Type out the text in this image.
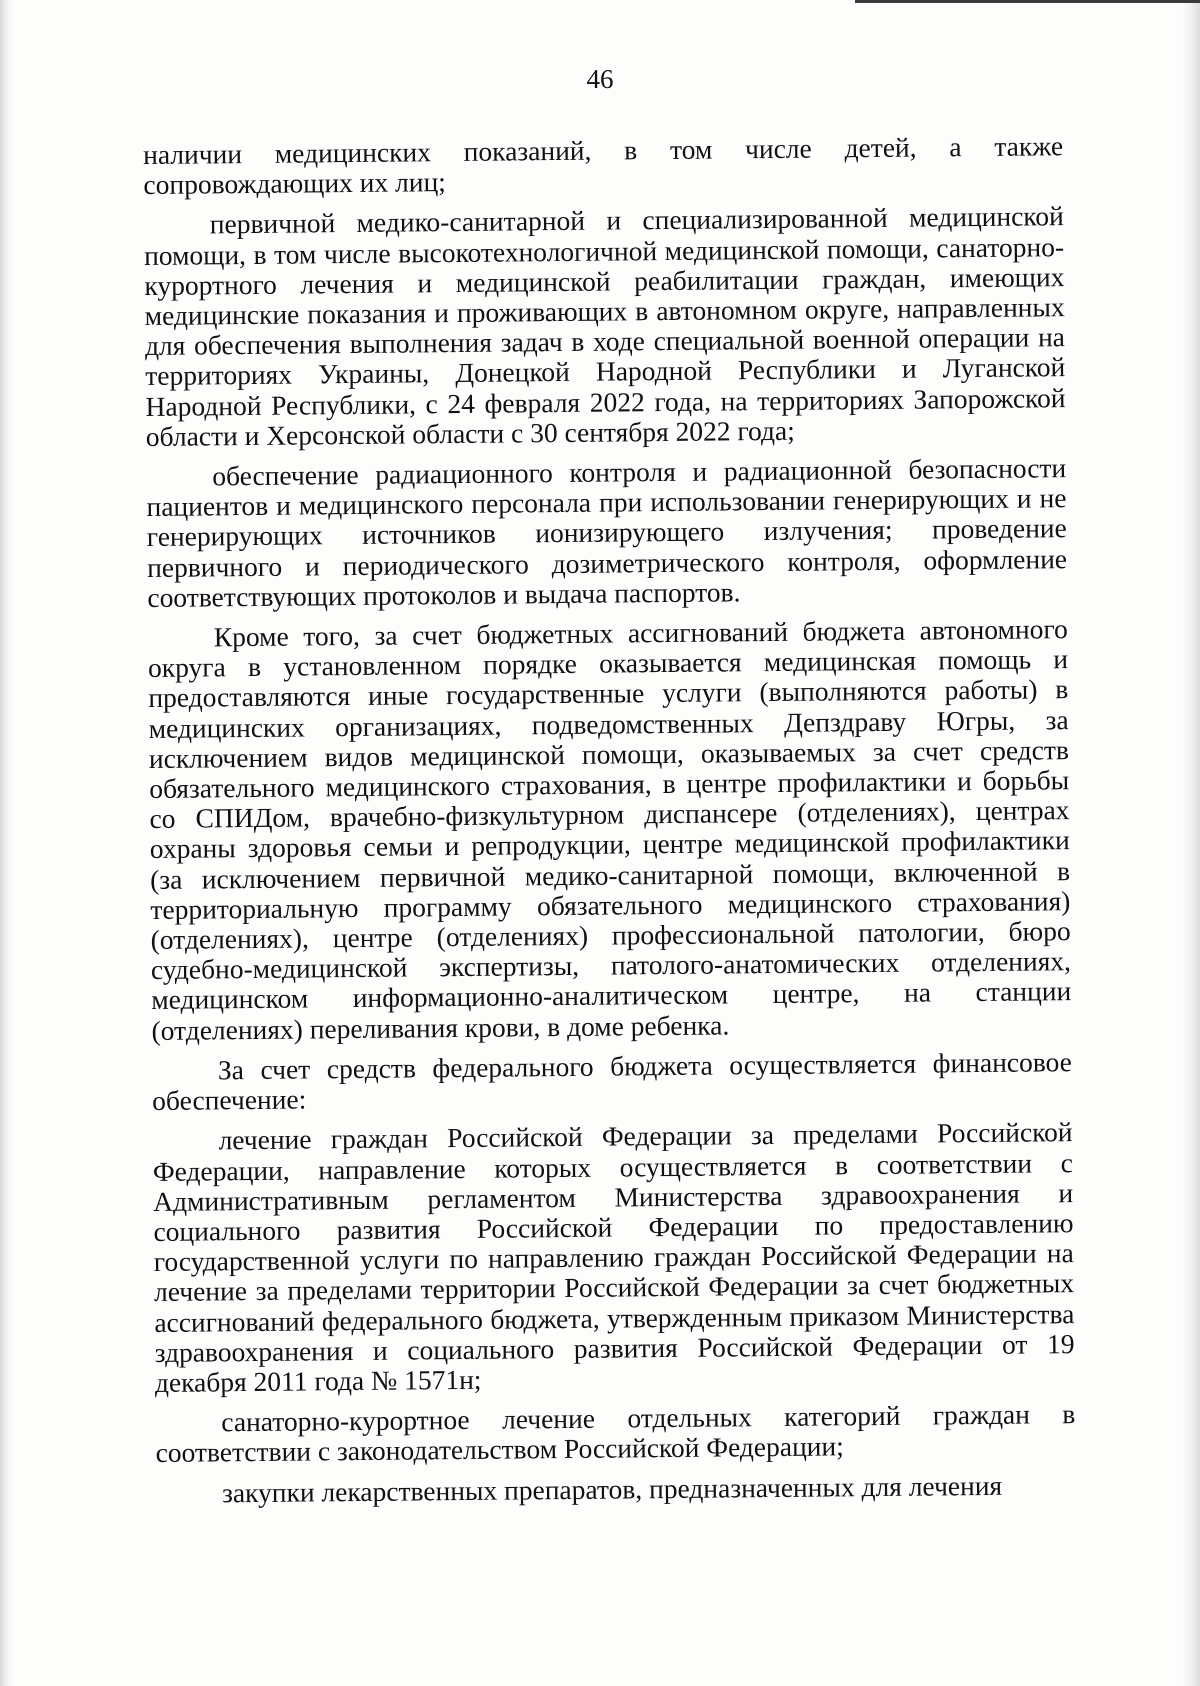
46

наличии медицинских показаний, в том числе детей, а также сопровождающих их лиц;

первичной медико-санитарной и специализированной медицинской помощи, в том числе высокотехнологичной медицинской помощи, санаторно-курортного лечения и медицинской реабилитации граждан, имеющих медицинские показания и проживающих в автономном округе, направленных для обеспечения выполнения задач в ходе специальной военной операции на территориях Украины, Донецкой Народной Республики и Луганской Народной Республики, с 24 февраля 2022 года, на территориях Запорожской области и Херсонской области с 30 сентября 2022 года;

обеспечение радиационного контроля и радиационной безопасности пациентов и медицинского персонала при использовании генерирующих и не генерирующих источников ионизирующего излучения; проведение первичного и периодического дозиметрического контроля, оформление соответствующих протоколов и выдача паспортов.

Кроме того, за счет бюджетных ассигнований бюджета автономного округа в установленном порядке оказывается медицинская помощь и предоставляются иные государственные услуги (выполняются работы) в медицинских организациях, подведомственных Депздраву Югры, за исключением видов медицинской помощи, оказываемых за счет средств обязательного медицинского страхования, в центре профилактики и борьбы со СПИДом, врачебно-физкультурном диспансере (отделениях), центрах охраны здоровья семьи и репродукции, центре медицинской профилактики (за исключением первичной медико-санитарной помощи, включенной в территориальную программу обязательного медицинского страхования) (отделениях), центре (отделениях) профессиональной патологии, бюро судебно-медицинской экспертизы, патолого-анатомических отделениях, медицинском информационно-аналитическом центре, на станции (отделениях) переливания крови, в доме ребенка.

За счет средств федерального бюджета осуществляется финансовое обеспечение:

лечение граждан Российской Федерации за пределами Российской Федерации, направление которых осуществляется в соответствии с Административным регламентом Министерства здравоохранения и социального развития Российской Федерации по предоставлению государственной услуги по направлению граждан Российской Федерации на лечение за пределами территории Российской Федерации за счет бюджетных ассигнований федерального бюджета, утвержденным приказом Министерства здравоохранения и социального развития Российской Федерации от 19 декабря 2011 года № 1571н;

санаторно-курортное лечение отдельных категорий граждан в соответствии с законодательством Российской Федерации;

закупки лекарственных препаратов, предназначенных для лечения
